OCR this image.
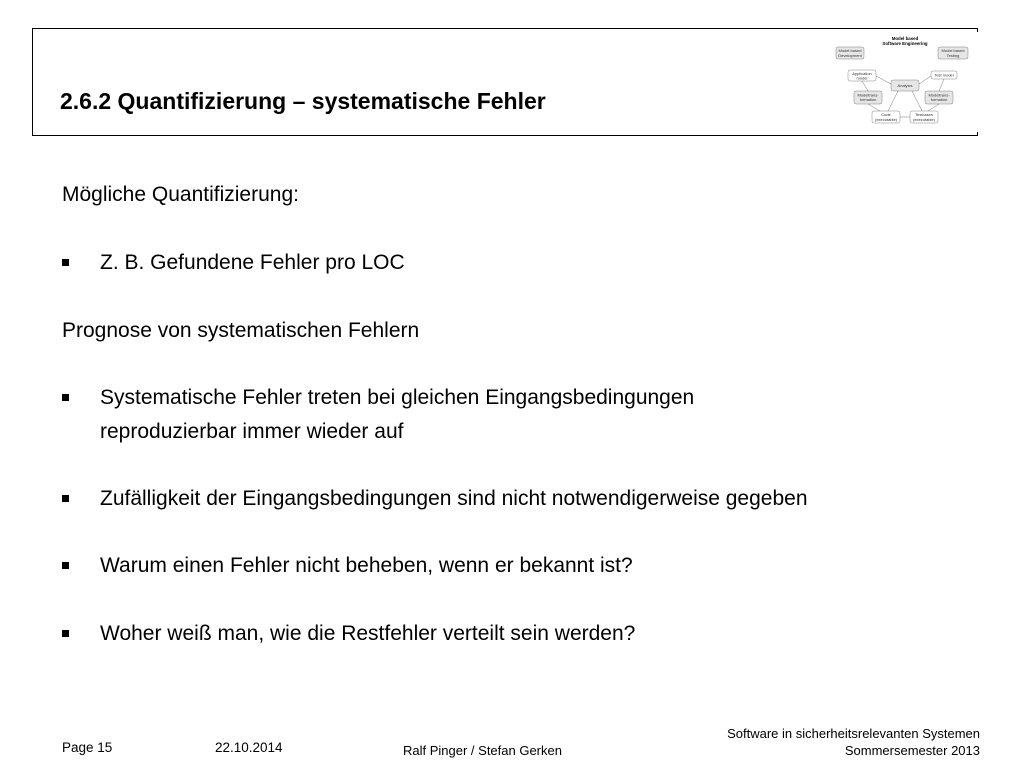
2.6.2 Quantifizierung – systematische Fehler
Model based
Software Engineering
Model based
Development
Model based
Testing
Application
model
Test model
Analysis
Modeltrans-
formation
Modeltrans-
formation
Code
(executable)
Testcases
(executable)
Mögliche Quantifizierung:
Z. B. Gefundene Fehler pro LOC
Prognose von systematischen Fehlern
Systematische Fehler treten bei gleichen Eingangsbedingungen
reproduzierbar immer wieder auf
Zufälligkeit der Eingangsbedingungen sind nicht notwendigerweise gegeben
Warum einen Fehler nicht beheben, wenn er bekannt ist?
Woher weiß man, wie die Restfehler verteilt sein werden?
Page 15	22.10.2014	Ralf Pinger / Stefan Gerken
Software in sicherheitsrelevanten Systemen
Sommersemester 2013
